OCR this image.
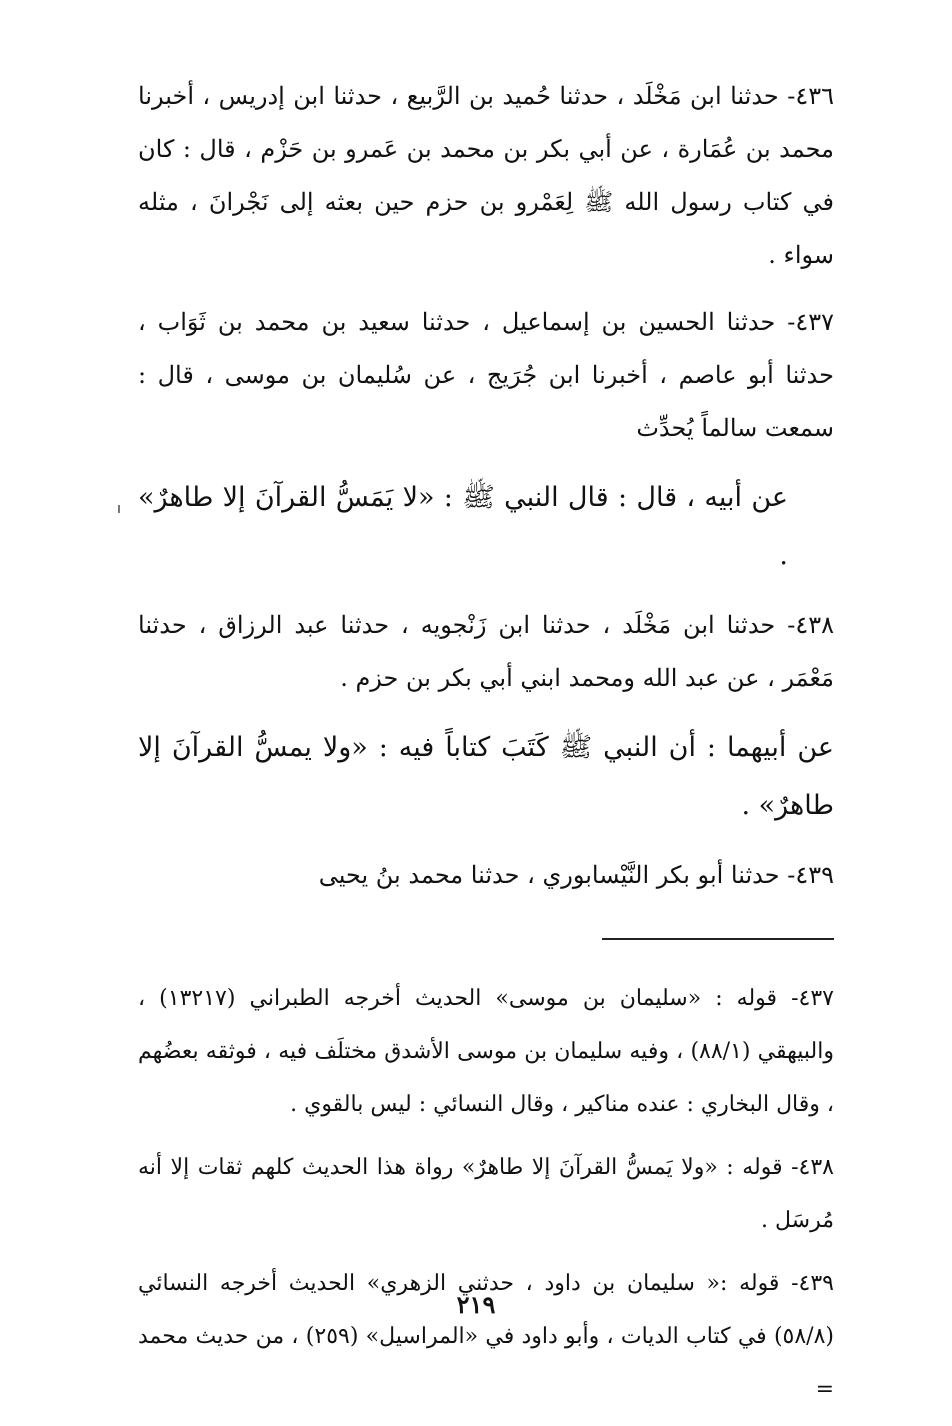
٤٣٦- حدثنا ابن مَخْلَد ، حدثنا حُميد بن الرَّبيع ، حدثنا ابن إدريس ، أخبرنا محمد بن عُمَارة ، عن أبي بكر بن محمد بن عَمرو بن حَزْم ، قال : كان في كتاب رسول الله ﷺ لِعَمْرو بن حزم حين بعثه إلى نَجْرانَ ، مثله سواء .

٤٣٧- حدثنا الحسين بن إسماعيل ، حدثنا سعيد بن محمد بن ثَوَاب ، حدثنا أبو عاصم ، أخبرنا ابن جُرَيج ، عن سُليمان بن موسى ، قال : سمعت سالماً يُحدِّث

عن أبيه ، قال : قال النبي ﷺ : «لا يَمَسُّ القرآنَ إلا طاهرٌ» .

٤٣٨- حدثنا ابن مَخْلَد ، حدثنا ابن زَنْجويه ، حدثنا عبد الرزاق ، حدثنا مَعْمَر ، عن عبد الله ومحمد ابني أبي بكر بن حزم .

عن أبيهما : أن النبي ﷺ كَتَبَ كتاباً فيه : «ولا يمسُّ القرآنَ إلا طاهرٌ» .

٤٣٩- حدثنا أبو بكر النَّيْسابوري ، حدثنا محمد بنُ يحيى

٤٣٧- قوله : «سليمان بن موسى» الحديث أخرجه الطبراني (١٣٢١٧) ، والبيهقي (٨٨/١) ، وفيه سليمان بن موسى الأشدق مختلَف فيه ، فوثقه بعضُهم ، وقال البخاري : عنده مناكير ، وقال النسائي : ليس بالقوي .

٤٣٨- قوله : «ولا يَمسُّ القرآنَ إلا طاهرٌ» رواة هذا الحديث كلهم ثقات إلا أنه مُرسَل .

٤٣٩- قوله :« سليمان بن داود ، حدثني الزهري» الحديث أخرجه النسائي (٥٨/٨) في كتاب الديات ، وأبو داود في «المراسيل» (٢٥٩) ، من حديث محمد =

٢١٩
